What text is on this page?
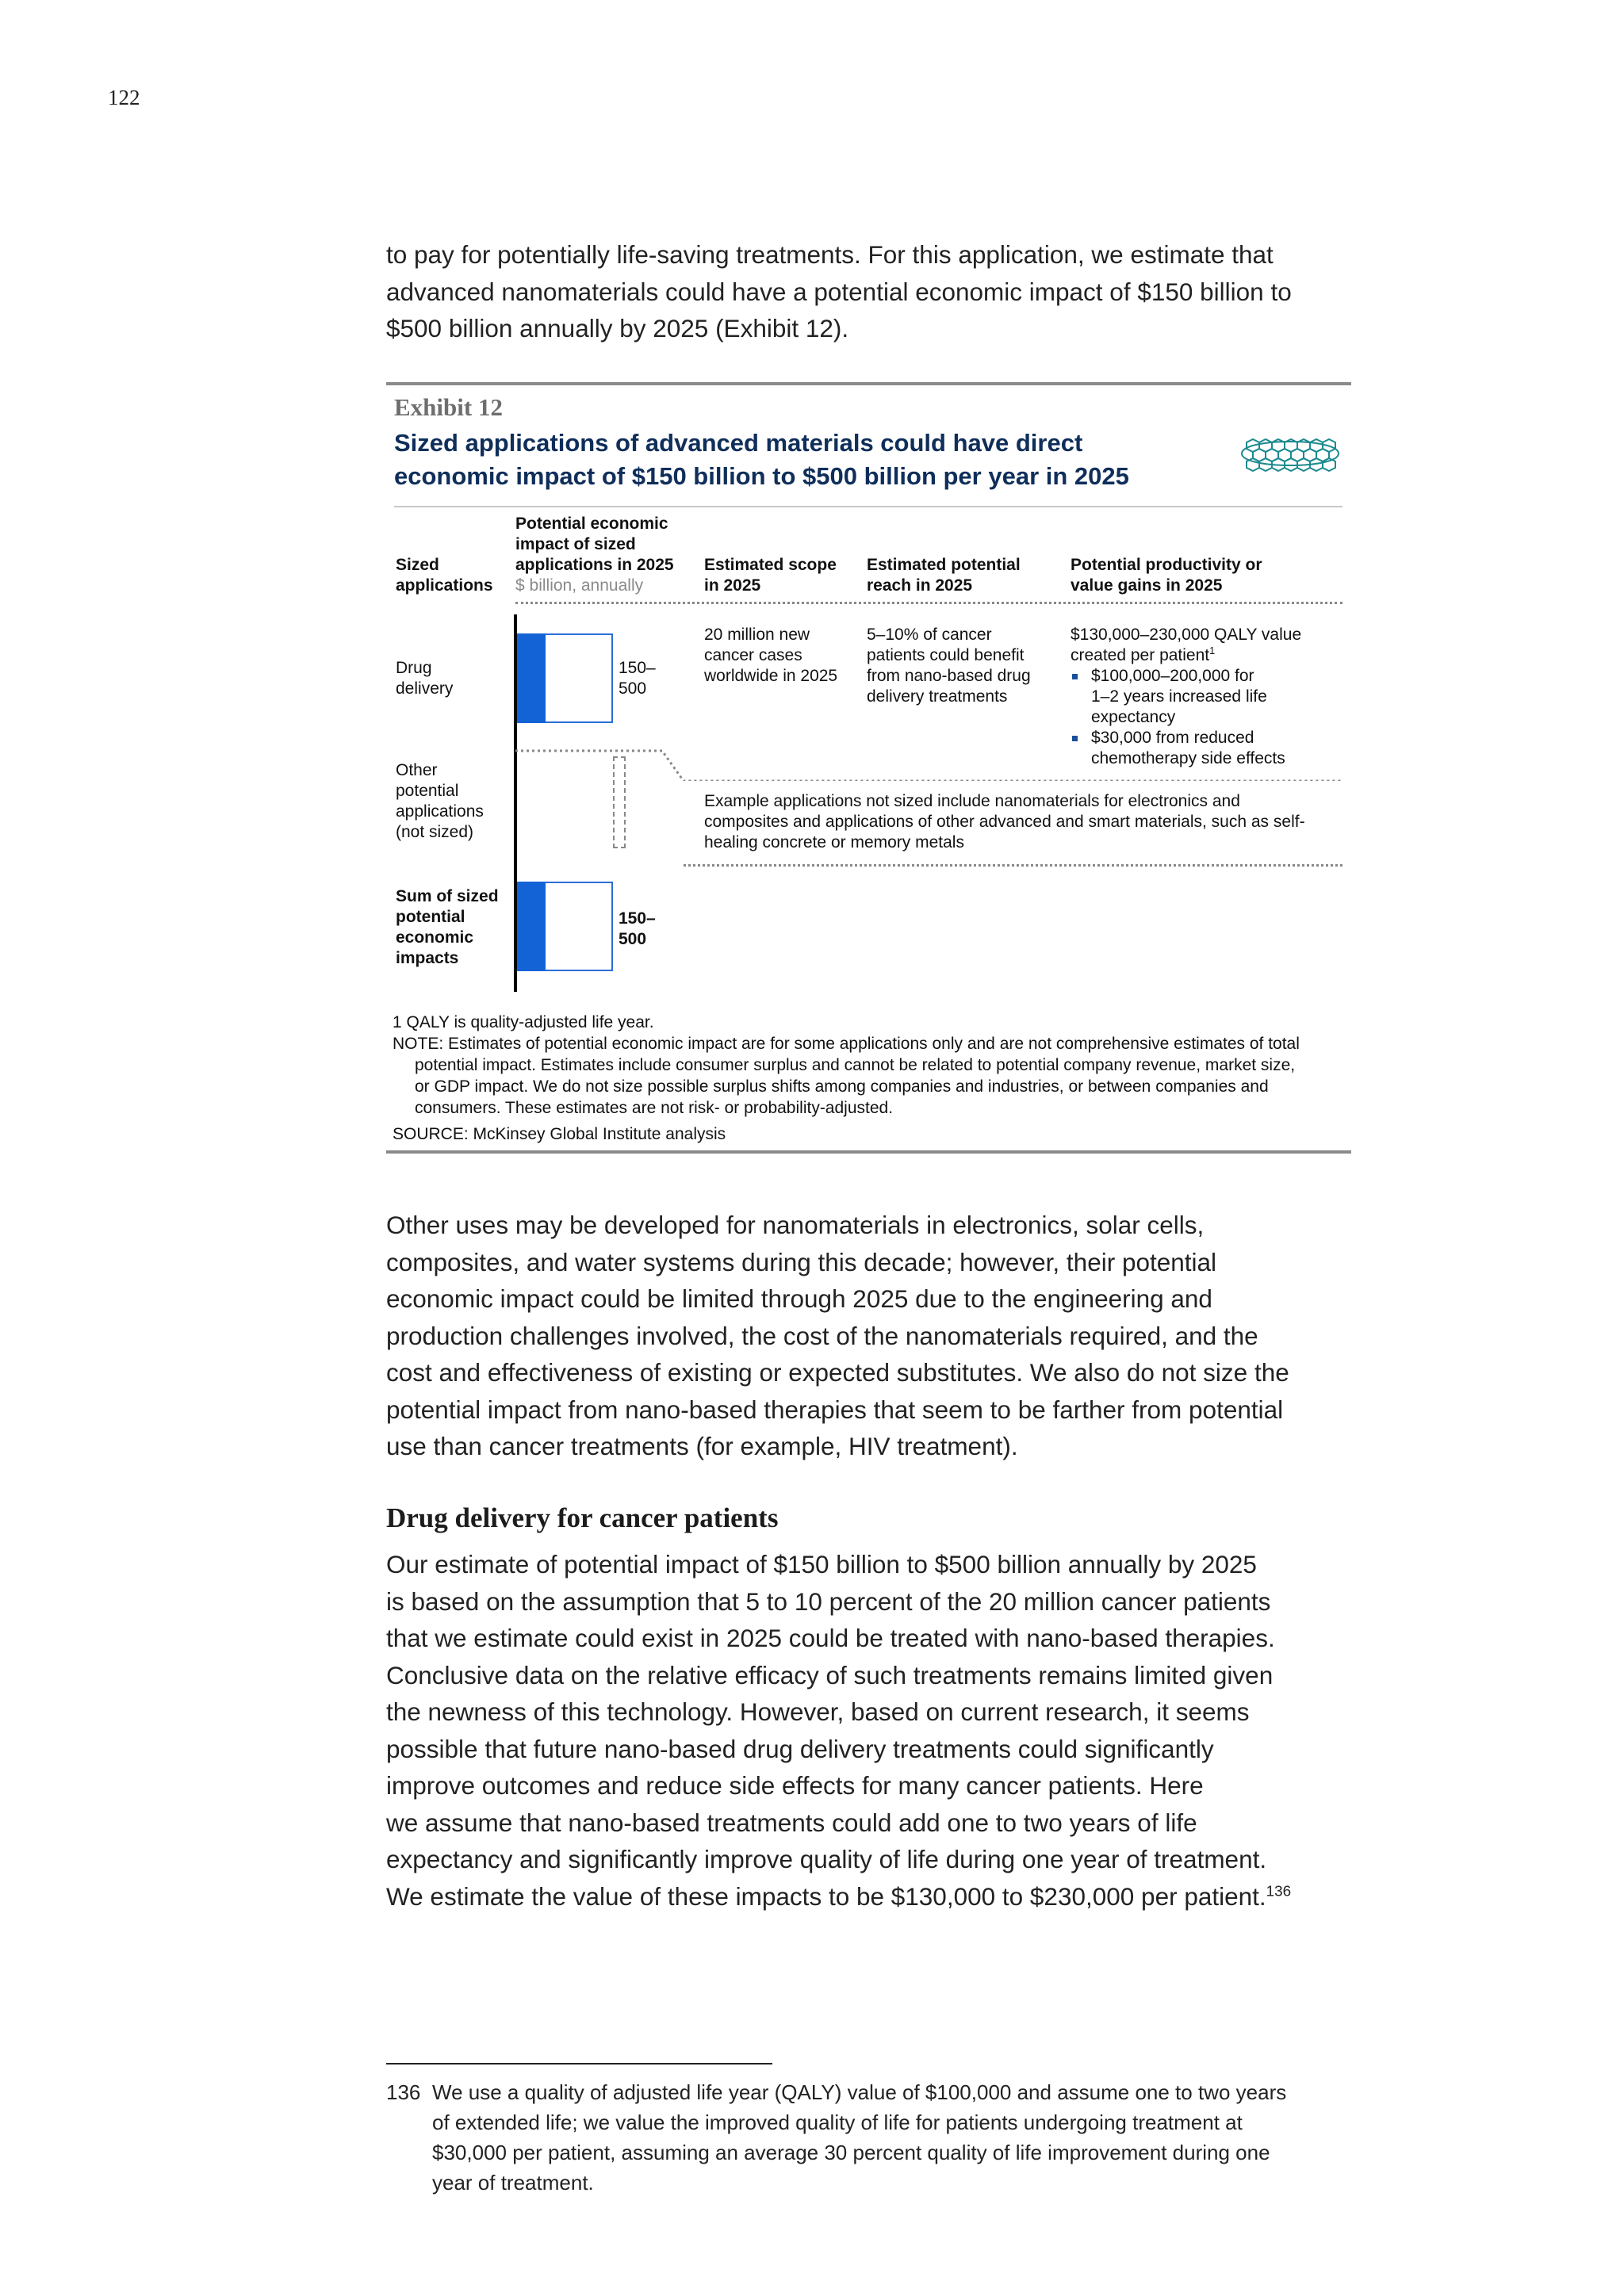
122

to pay for potentially life-saving treatments. For this application, we estimate that

advanced nanomaterials could have a potential economic impact of $150 billion to

$500 billion annually by 2025 (Exhibit 12).

Exhibit 12
Sized applications of advanced materials could have direct
economic impact of $150 billion to $500 billion per year in 2025
Sized
applications
Potential economic
impact of sized
applications in 2025
$ billion, annually
Estimated scope
in 2025
Estimated potential
reach in 2025
Potential productivity or
value gains in 2025
Drug
delivery
150–
500
20 million new
cancer cases
worldwide in 2025
5–10% of cancer
patients could benefit
from nano-based drug
delivery treatments
$130,000–230,000 QALY value
created per patient$^1$
$100,000–200,000 for
1–2 years increased life
expectancy
$30,000 from reduced
chemotherapy side effects
Other
potential
applications
(not sized)
Example applications not sized include nanomaterials for electronics and
composites and applications of other advanced and smart materials, such as self-
healing concrete or memory metals
Sum of sized
potential
economic
impacts
150–
500
1 QALY is quality-adjusted life year.
NOTE: Estimates of potential economic impact are for some applications only and are not comprehensive estimates of total
potential impact. Estimates include consumer surplus and cannot be related to potential company revenue, market size,
or GDP impact. We do not size possible surplus shifts among companies and industries, or between companies and
consumers. These estimates are not risk- or probability-adjusted.
SOURCE: McKinsey Global Institute analysis

Other uses may be developed for nanomaterials in electronics, solar cells,

composites, and water systems during this decade; however, their potential

economic impact could be limited through 2025 due to the engineering and

production challenges involved, the cost of the nanomaterials required, and the

cost and effectiveness of existing or expected substitutes. We also do not size the

potential impact from nano-based therapies that seem to be farther from potential

use than cancer treatments (for example, HIV treatment).

Drug delivery for cancer patients

Our estimate of potential impact of $150 billion to $500 billion annually by 2025

is based on the assumption that 5 to 10 percent of the 20 million cancer patients

that we estimate could exist in 2025 could be treated with nano-based therapies.

Conclusive data on the relative efficacy of such treatments remains limited given

the newness of this technology. However, based on current research, it seems

possible that future nano-based drug delivery treatments could significantly

improve outcomes and reduce side effects for many cancer patients. Here

we assume that nano-based treatments could add one to two years of life

expectancy and significantly improve quality of life during one year of treatment.

We estimate the value of these impacts to be $130,000 to $230,000 per patient.$^{136}$

136 We use a quality of adjusted life year (QALY) value of $100,000 and assume one to two years
of extended life; we value the improved quality of life for patients undergoing treatment at
$30,000 per patient, assuming an average 30 percent quality of life improvement during one
year of treatment.
